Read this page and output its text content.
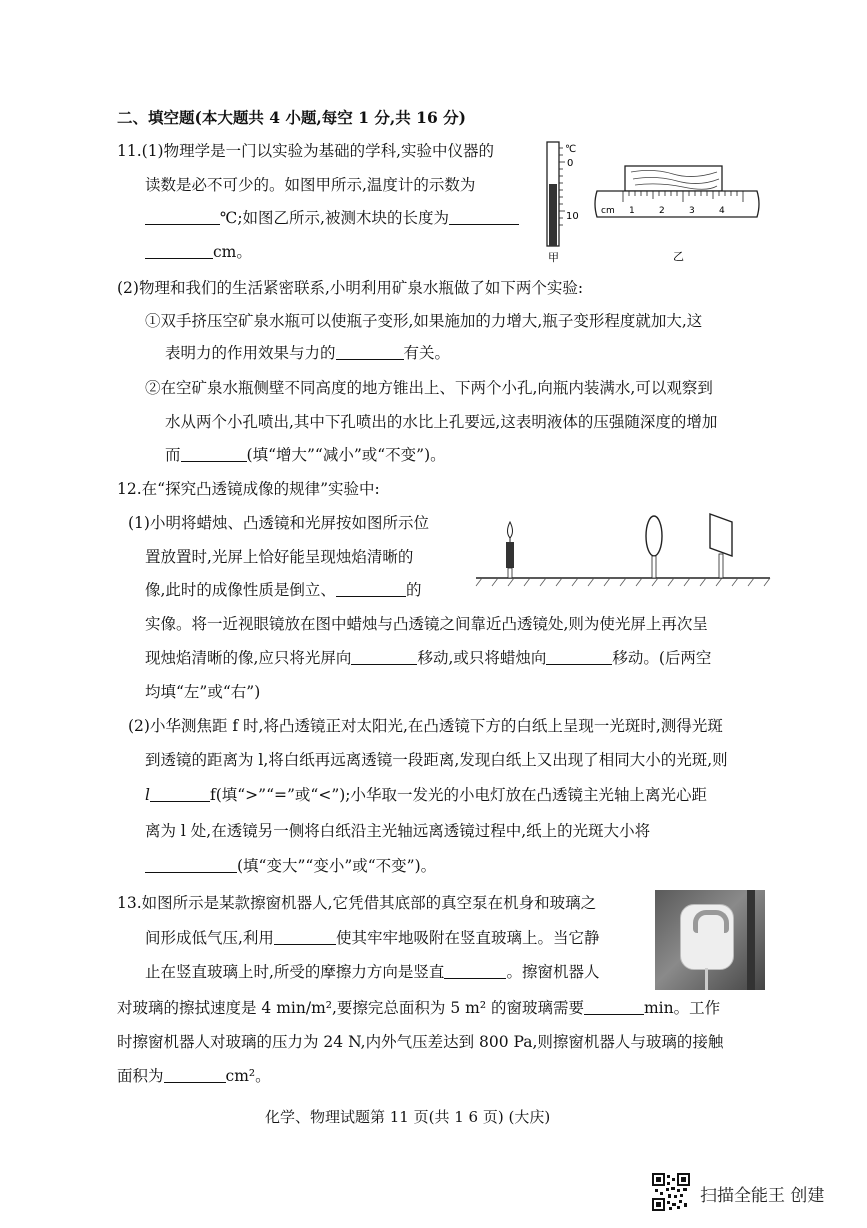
二、填空题(本大题共 4 小题,每空 1 分,共 16 分)
11.(1)物理学是一门以实验为基础的学科,实验中仪器的
读数是必不可少的。如图甲所示,温度计的示数为
℃;如图乙所示,被测木块的长度为
cm。
℃
0
10
甲
cm 1	2	3	4
乙
(2)物理和我们的生活紧密联系,小明利用矿泉水瓶做了如下两个实验:
①双手挤压空矿泉水瓶可以使瓶子变形,如果施加的力增大,瓶子变形程度就加大,这
表明力的作用效果与力的	有关。
②在空矿泉水瓶侧壁不同高度的地方锥出上、下两个小孔,向瓶内装满水,可以观察到
水从两个小孔喷出,其中下孔喷出的水比上孔要远,这表明液体的压强随深度的增加
而	(填“增大”“减小”或“不变”)。
12.在“探究凸透镜成像的规律”实验中:
(1)小明将蜡烛、凸透镜和光屏按如图所示位
置放置时,光屏上恰好能呈现烛焰清晰的
像,此时的成像性质是倒立、	的
实像。将一近视眼镜放在图中蜡烛与凸透镜之间靠近凸透镜处,则为使光屏上再次呈
现烛焰清晰的像,应只将光屏向	移动,或只将蜡烛向	移动。(后两空
均填“左”或“右”)
(2)小华测焦距 f 时,将凸透镜正对太阳光,在凸透镜下方的白纸上呈现一光斑时,测得光斑
到透镜的距离为 l,将白纸再远离透镜一段距离,发现白纸上又出现了相同大小的光斑,则
l	f(填“>”“=”或“<”);小华取一发光的小电灯放在凸透镜主光轴上离光心距
离为 l 处,在透镜另一侧将白纸沿主光轴远离透镜过程中,纸上的光斑大小将
(填“变大”“变小”或“不变”)。
13.如图所示是某款擦窗机器人,它凭借其底部的真空泵在机身和玻璃之
间形成低气压,利用	使其牢牢地吸附在竖直玻璃上。当它静
止在竖直玻璃上时,所受的摩擦力方向是竖直	。擦窗机器人
对玻璃的擦拭速度是 4 min/m²,要擦完总面积为 5 m² 的窗玻璃需要	min。工作
时擦窗机器人对玻璃的压力为 24 N,内外气压差达到 800 Pa,则擦窗机器人与玻璃的接触
面积为	cm²。
化学、物理试题第 11 页(共 1 6 页) (大庆)
扫描全能王 创建
